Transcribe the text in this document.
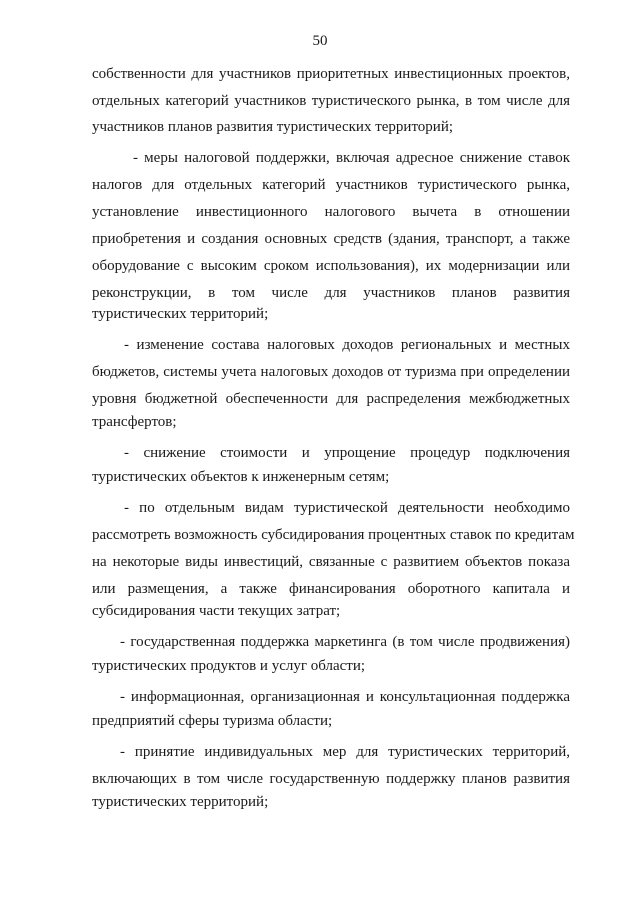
50
собственности для участников приоритетных инвестиционных проектов,
отдельных категорий участников туристического рынка, в том числе для
участников планов развития туристических территорий;
- меры налоговой поддержки, включая адресное снижение ставок
налогов для отдельных категорий участников туристического рынка,
установление инвестиционного налогового вычета в отношении
приобретения и создания основных средств (здания, транспорт, а также
оборудование с высоким сроком использования), их модернизации или
реконструкции, в том числе для участников планов развития
туристических территорий;
- изменение состава налоговых доходов региональных и местных
бюджетов, системы учета налоговых доходов от туризма при определении
уровня бюджетной обеспеченности для распределения межбюджетных
трансфертов;
- снижение стоимости и упрощение процедур подключения
туристических объектов к инженерным сетям;
- по отдельным видам туристической деятельности необходимо
рассмотреть возможность субсидирования процентных ставок по кредитам
на некоторые виды инвестиций, связанные с развитием объектов показа
или размещения, а также финансирования оборотного капитала и
субсидирования части текущих затрат;
- государственная поддержка маркетинга (в том числе продвижения)
туристических продуктов и услуг области;
- информационная, организационная и консультационная поддержка
предприятий сферы туризма области;
- принятие индивидуальных мер для туристических территорий,
включающих в том числе государственную поддержку планов развития
туристических территорий;
